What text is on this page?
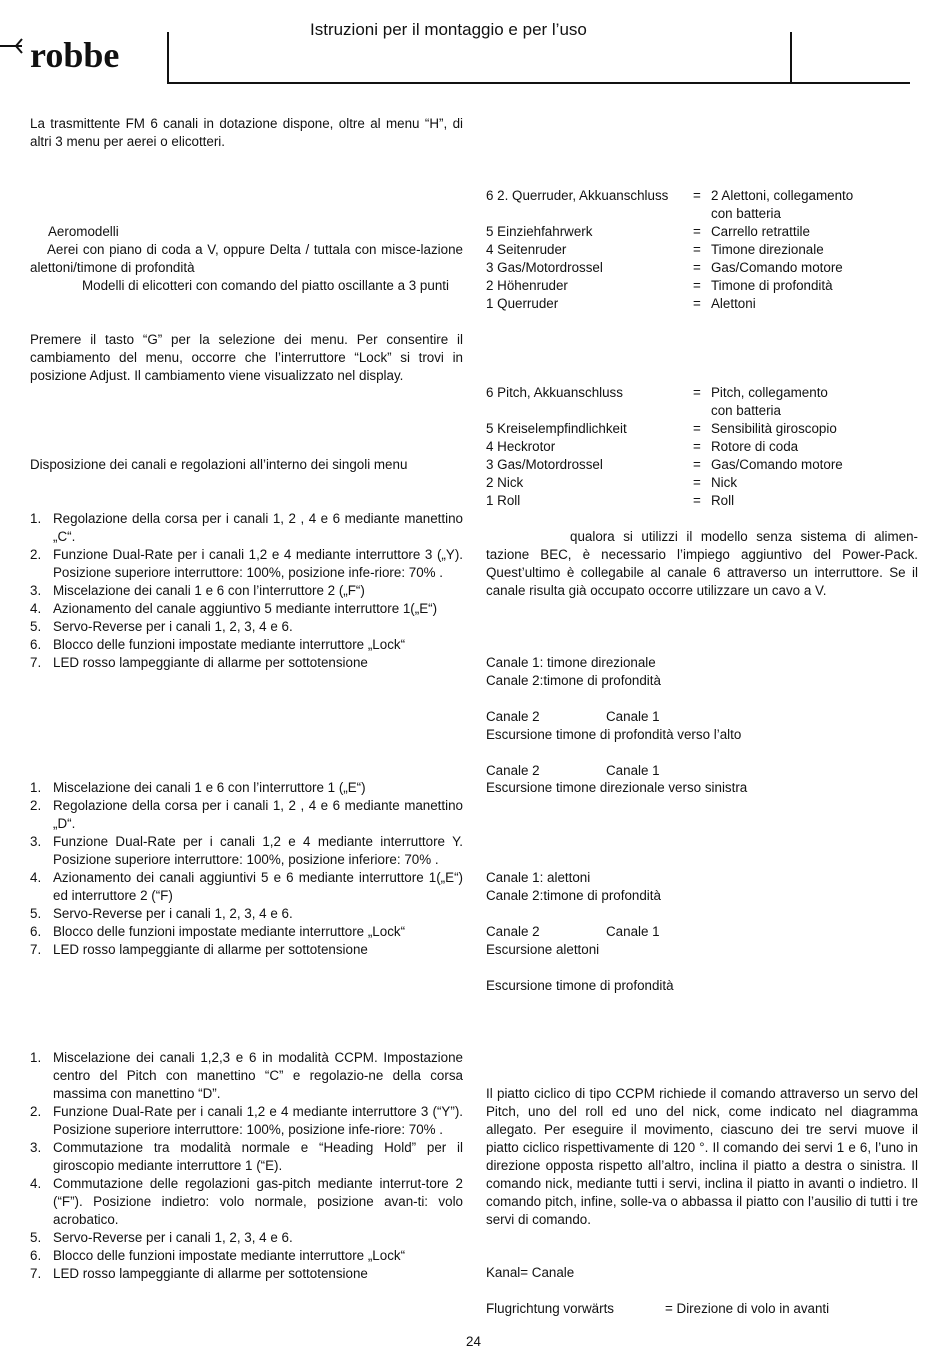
robbe
Istruzioni per il montaggio e per l’uso
La trasmittente FM 6 canali in dotazione dispone, oltre al menu “H”, di altri 3 menu per aerei o elicotteri.
Aeromodelli
Aerei con piano di coda a V, oppure Delta / tuttala con misce-lazione alettoni/timone di profondità
Modelli di elicotteri con comando del piatto oscillante a 3 punti
Premere il tasto “G” per la selezione dei menu. Per consentire il cambiamento del menu, occorre che l’interruttore “Lock” si trovi in posizione Adjust. Il cambiamento viene visualizzato nel display.
Disposizione dei canali e regolazioni all’interno dei singoli menu
1. Regolazione della corsa per i canali 1, 2 , 4 e 6 mediante manettino „C“.
2. Funzione Dual-Rate per i canali 1,2 e 4 mediante interruttore 3 („Y). Posizione superiore interruttore: 100%, posizione infe-riore: 70% .
3. Miscelazione dei canali 1 e 6 con l’interruttore 2 („F“)
4. Azionamento del canale aggiuntivo 5 mediante interruttore 1(„E“)
5. Servo-Reverse per i canali 1, 2, 3, 4 e 6.
6. Blocco delle funzioni impostate mediante interruttore „Lock“
7. LED rosso lampeggiante di allarme per sottotensione
1. Miscelazione dei canali 1 e 6 con l’interruttore 1 („E“)
2. Regolazione della corsa per i canali 1, 2 , 4 e 6 mediante manettino „D“.
3. Funzione Dual-Rate per i canali 1,2 e 4 mediante interruttore Y. Posizione superiore interruttore: 100%, posizione inferiore: 70% .
4. Azionamento dei canali aggiuntivi 5 e 6 mediante interruttore 1(„E“) ed interruttore 2 (“F)
5. Servo-Reverse per i canali 1, 2, 3, 4 e 6.
6. Blocco delle funzioni impostate mediante interruttore „Lock“
7. LED rosso lampeggiante di allarme per sottotensione
1. Miscelazione dei canali 1,2,3 e 6 in modalità CCPM. Impostazione centro del Pitch con manettino “C” e regolazio-ne della corsa massima con manettino “D”.
2. Funzione Dual-Rate per i canali 1,2 e 4 mediante interruttore 3 (“Y”). Posizione superiore interruttore: 100%, posizione infe-riore: 70% .
3. Commutazione tra modalità normale e “Heading Hold” per il giroscopio mediante interruttore 1 (“E).
4. Commutazione delle regolazioni gas-pitch mediante interrut-tore 2 (“F”). Posizione indietro: volo normale, posizione avan-ti: volo acrobatico.
5. Servo-Reverse per i canali 1, 2, 3, 4 e 6.
6. Blocco delle funzioni impostate mediante interruttore „Lock“
7. LED rosso lampeggiante di allarme per sottotensione
6 2. Querruder, Akkuanschluss = 2 Alettoni, collegamento
con batteria
5 Einziehfahrwerk	= Carrello retrattile
4 Seitenruder	= Timone direzionale
3 Gas/Motordrossel	= Gas/Comando motore
2 Höhenruder	= Timone di profondità
1 Querruder	= Alettoni
6 Pitch, Akkuanschluss	= Pitch, collegamento
con batteria
5 Kreiselempfindlichkeit	= Sensibilità giroscopio
4 Heckrotor	= Rotore di coda
3 Gas/Motordrossel	= Gas/Comando motore
2 Nick	= Nick
1 Roll	= Roll
qualora si utilizzi il modello senza sistema di alimen-tazione BEC, è necessario l’impiego aggiuntivo del Power-Pack. Quest’ultimo è collegabile al canale 6 attraverso un interruttore. Se il canale risulta già occupato occorre utilizzare un cavo a V.
Canale 1: timone direzionale
Canale 2:timone di profondità
Canale 2	Canale 1
Escursione timone di profondità verso l’alto
Canale 2	Canale 1
Escursione timone direzionale verso sinistra
Canale 1: alettoni
Canale 2:timone di profondità
Canale 2	Canale 1
Escursione alettoni
Escursione timone di profondità
Il piatto ciclico di tipo CCPM richiede il comando attraverso un servo del Pitch, uno del roll ed uno del nick, come indicato nel diagramma allegato. Per eseguire il movimento, ciascuno dei tre servi muove il piatto ciclico rispettivamente di 120 °. Il comando dei servi 1 e 6, l’uno in direzione opposta rispetto all’altro, inclina il piatto a destra o sinistra. Il comando nick, mediante tutti i servi, inclina il piatto in avanti o indietro. Il comando pitch, infine, solle-va o abbassa il piatto con l’ausilio di tutti i tre servi di comando.
Kanal= Canale
Flugrichtung vorwärts	= Direzione di volo in avanti
24
